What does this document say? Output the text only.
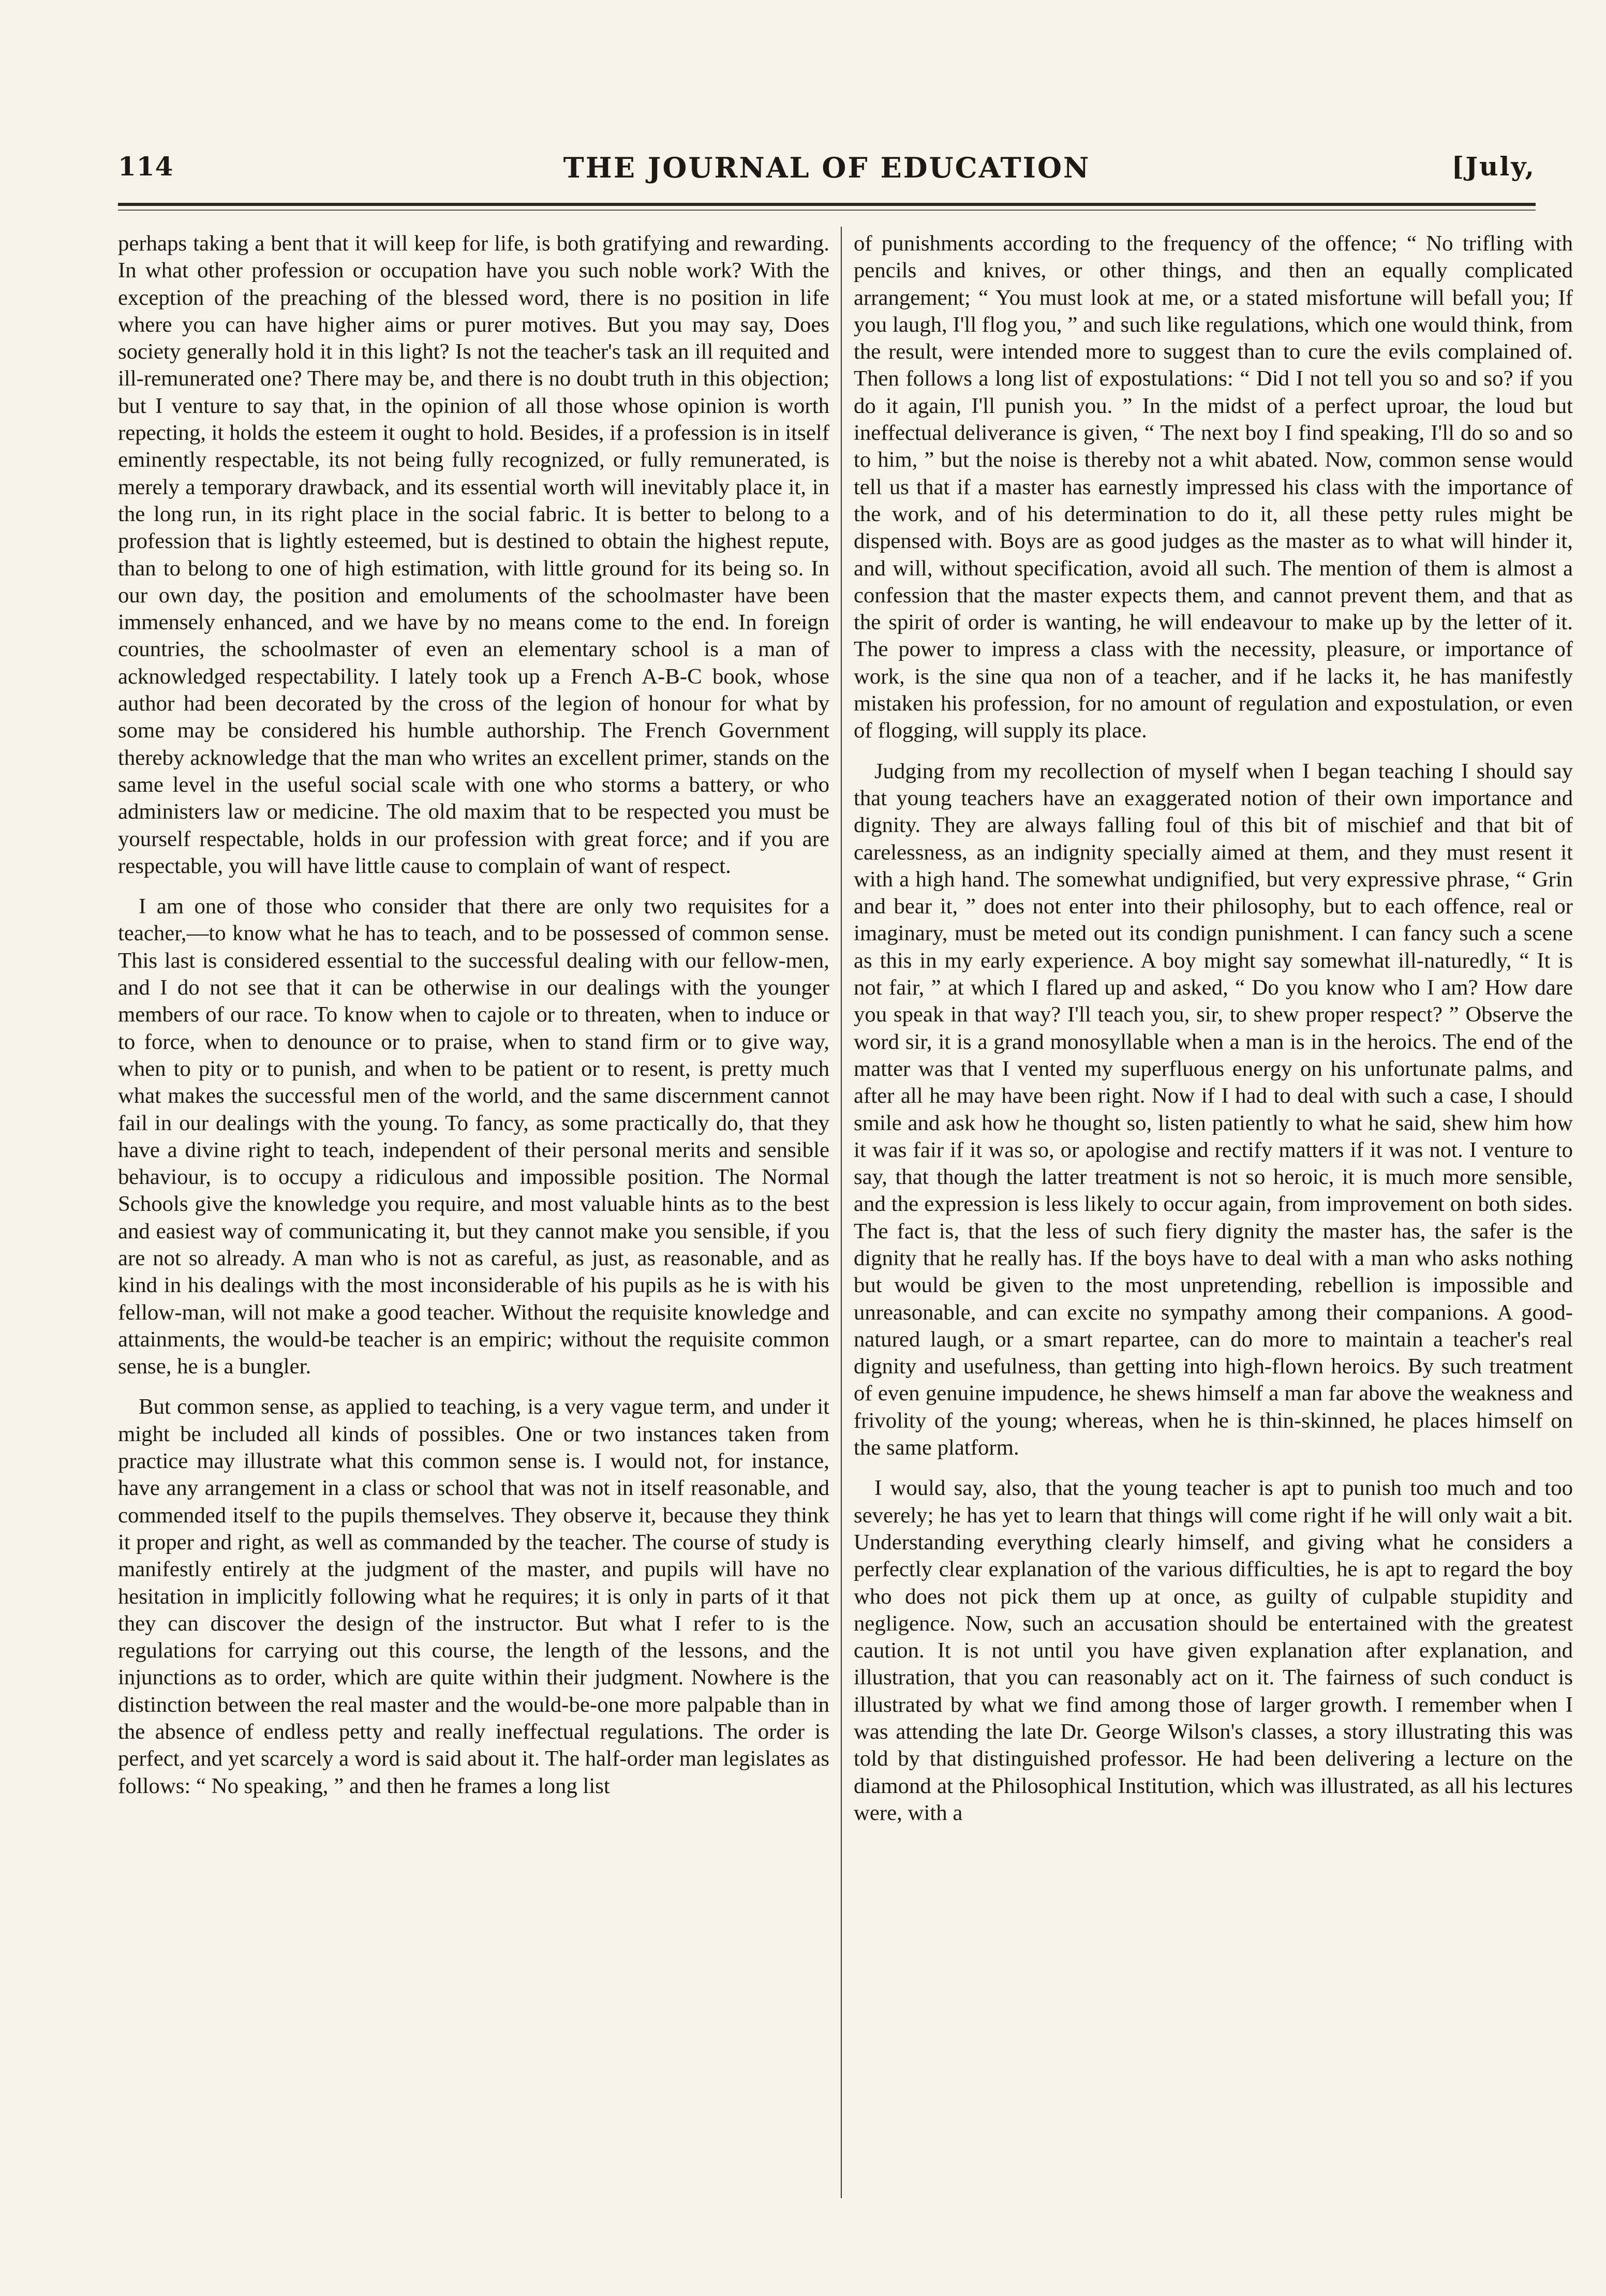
114	THE JOURNAL OF EDUCATION	[July,

perhaps taking a bent that it will keep for life, is both gratifying and rewarding. In what other profession or occupation have you such noble work? With the exception of the preaching of the blessed word, there is no position in life where you can have higher aims or purer motives. But you may say, Does society generally hold it in this light? Is not the teacher's task an ill requited and ill-remunerated one? There may be, and there is no doubt truth in this objection; but I venture to say that, in the opinion of all those whose opinion is worth repecting, it holds the esteem it ought to hold. Besides, if a profession is in itself eminently respectable, its not being fully recognized, or fully remunerated, is merely a temporary drawback, and its essential worth will inevitably place it, in the long run, in its right place in the social fabric. It is better to belong to a profession that is lightly esteemed, but is destined to obtain the highest repute, than to belong to one of high estimation, with little ground for its being so. In our own day, the position and emoluments of the schoolmaster have been immensely enhanced, and we have by no means come to the end. In foreign countries, the schoolmaster of even an elementary school is a man of acknowledged respectability. I lately took up a French A-B-C book, whose author had been decorated by the cross of the legion of honour for what by some may be considered his humble authorship. The French Government thereby acknowledge that the man who writes an excellent primer, stands on the same level in the useful social scale with one who storms a battery, or who administers law or medicine. The old maxim that to be respected you must be yourself respectable, holds in our profession with great force; and if you are respectable, you will have little cause to complain of want of respect.

I am one of those who consider that there are only two requisites for a teacher,—to know what he has to teach, and to be possessed of common sense. This last is considered essential to the successful dealing with our fellow-men, and I do not see that it can be otherwise in our dealings with the younger members of our race. To know when to cajole or to threaten, when to induce or to force, when to denounce or to praise, when to stand firm or to give way, when to pity or to punish, and when to be patient or to resent, is pretty much what makes the successful men of the world, and the same discernment cannot fail in our dealings with the young. To fancy, as some practically do, that they have a divine right to teach, independent of their personal merits and sensible behaviour, is to occupy a ridiculous and impossible position. The Normal Schools give the knowledge you require, and most valuable hints as to the best and easiest way of communicating it, but they cannot make you sensible, if you are not so already. A man who is not as careful, as just, as reasonable, and as kind in his dealings with the most inconsiderable of his pupils as he is with his fellow-man, will not make a good teacher. Without the requisite knowledge and attainments, the would-be teacher is an empiric; without the requisite common sense, he is a bungler.

But common sense, as applied to teaching, is a very vague term, and under it might be included all kinds of possibles. One or two instances taken from practice may illustrate what this common sense is. I would not, for instance, have any arrangement in a class or school that was not in itself reasonable, and commended itself to the pupils themselves. They observe it, because they think it proper and right, as well as commanded by the teacher. The course of study is manifestly entirely at the judgment of the master, and pupils will have no hesitation in implicitly following what he requires; it is only in parts of it that they can discover the design of the instructor. But what I refer to is the regulations for carrying out this course, the length of the lessons, and the injunctions as to order, which are quite within their judgment. Nowhere is the distinction between the real master and the would-be-one more palpable than in the absence of endless petty and really ineffectual regulations. The order is perfect, and yet scarcely a word is said about it. The half-order man legislates as follows: “ No speaking, ” and then he frames a long list

of punishments according to the frequency of the offence; “ No trifling with pencils and knives, or other things, and then an equally complicated arrangement; “ You must look at me, or a stated misfortune will befall you; If you laugh, I'll flog you, ” and such like regulations, which one would think, from the result, were intended more to suggest than to cure the evils complained of. Then follows a long list of expostulations: “ Did I not tell you so and so? if you do it again, I'll punish you. ” In the midst of a perfect uproar, the loud but ineffectual deliverance is given, “ The next boy I find speaking, I'll do so and so to him, ” but the noise is thereby not a whit abated. Now, common sense would tell us that if a master has earnestly impressed his class with the importance of the work, and of his determination to do it, all these petty rules might be dispensed with. Boys are as good judges as the master as to what will hinder it, and will, without specification, avoid all such. The mention of them is almost a confession that the master expects them, and cannot prevent them, and that as the spirit of order is wanting, he will endeavour to make up by the letter of it. The power to impress a class with the necessity, pleasure, or importance of work, is the sine qua non of a teacher, and if he lacks it, he has manifestly mistaken his profession, for no amount of regulation and expostulation, or even of flogging, will supply its place.

Judging from my recollection of myself when I began teaching I should say that young teachers have an exaggerated notion of their own importance and dignity. They are always falling foul of this bit of mischief and that bit of carelessness, as an indignity specially aimed at them, and they must resent it with a high hand. The somewhat undignified, but very expressive phrase, “ Grin and bear it, ” does not enter into their philosophy, but to each offence, real or imaginary, must be meted out its condign punishment. I can fancy such a scene as this in my early experience. A boy might say somewhat ill-naturedly, “ It is not fair, ” at which I flared up and asked, “ Do you know who I am? How dare you speak in that way? I'll teach you, sir, to shew proper respect? ” Observe the word sir, it is a grand monosyllable when a man is in the heroics. The end of the matter was that I vented my superfluous energy on his unfortunate palms, and after all he may have been right. Now if I had to deal with such a case, I should smile and ask how he thought so, listen patiently to what he said, shew him how it was fair if it was so, or apologise and rectify matters if it was not. I venture to say, that though the latter treatment is not so heroic, it is much more sensible, and the expression is less likely to occur again, from improvement on both sides. The fact is, that the less of such fiery dignity the master has, the safer is the dignity that he really has. If the boys have to deal with a man who asks nothing but would be given to the most unpretending, rebellion is impossible and unreasonable, and can excite no sympathy among their companions. A good-natured laugh, or a smart repartee, can do more to maintain a teacher's real dignity and usefulness, than getting into high-flown heroics. By such treatment of even genuine impudence, he shews himself a man far above the weakness and frivolity of the young; whereas, when he is thin-skinned, he places himself on the same platform.

I would say, also, that the young teacher is apt to punish too much and too severely; he has yet to learn that things will come right if he will only wait a bit. Understanding everything clearly himself, and giving what he considers a perfectly clear explanation of the various difficulties, he is apt to regard the boy who does not pick them up at once, as guilty of culpable stupidity and negligence. Now, such an accusation should be entertained with the greatest caution. It is not until you have given explanation after explanation, and illustration, that you can reasonably act on it. The fairness of such conduct is illustrated by what we find among those of larger growth. I remember when I was attending the late Dr. George Wilson's classes, a story illustrating this was told by that distinguished professor. He had been delivering a lecture on the diamond at the Philosophical Institution, which was illustrated, as all his lectures were, with a
